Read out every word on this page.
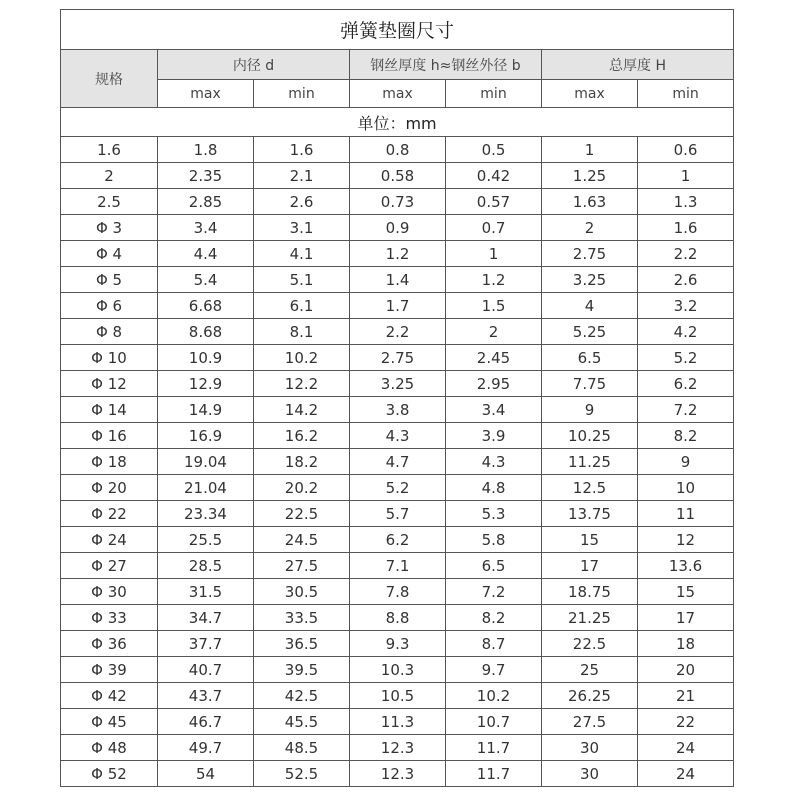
弹簧垫圈尺寸						
规格	内径 d		钢丝厚度 h≈钢丝外径 b		总厚度 H	
	max	min	max	min	max	min
单位：mm						
1.6	1.8	1.6	0.8	0.5	1	0.6
2	2.35	2.1	0.58	0.42	1.25	1
2.5	2.85	2.6	0.73	0.57	1.63	1.3
Φ 3	3.4	3.1	0.9	0.7	2	1.6
Φ 4	4.4	4.1	1.2	1	2.75	2.2
Φ 5	5.4	5.1	1.4	1.2	3.25	2.6
Φ 6	6.68	6.1	1.7	1.5	4	3.2
Φ 8	8.68	8.1	2.2	2	5.25	4.2
Φ 10	10.9	10.2	2.75	2.45	6.5	5.2
Φ 12	12.9	12.2	3.25	2.95	7.75	6.2
Φ 14	14.9	14.2	3.8	3.4	9	7.2
Φ 16	16.9	16.2	4.3	3.9	10.25	8.2
Φ 18	19.04	18.2	4.7	4.3	11.25	9
Φ 20	21.04	20.2	5.2	4.8	12.5	10
Φ 22	23.34	22.5	5.7	5.3	13.75	11
Φ 24	25.5	24.5	6.2	5.8	15	12
Φ 27	28.5	27.5	7.1	6.5	17	13.6
Φ 30	31.5	30.5	7.8	7.2	18.75	15
Φ 33	34.7	33.5	8.8	8.2	21.25	17
Φ 36	37.7	36.5	9.3	8.7	22.5	18
Φ 39	40.7	39.5	10.3	9.7	25	20
Φ 42	43.7	42.5	10.5	10.2	26.25	21
Φ 45	46.7	45.5	11.3	10.7	27.5	22
Φ 48	49.7	48.5	12.3	11.7	30	24
Φ 52	54	52.5	12.3	11.7	30	24
